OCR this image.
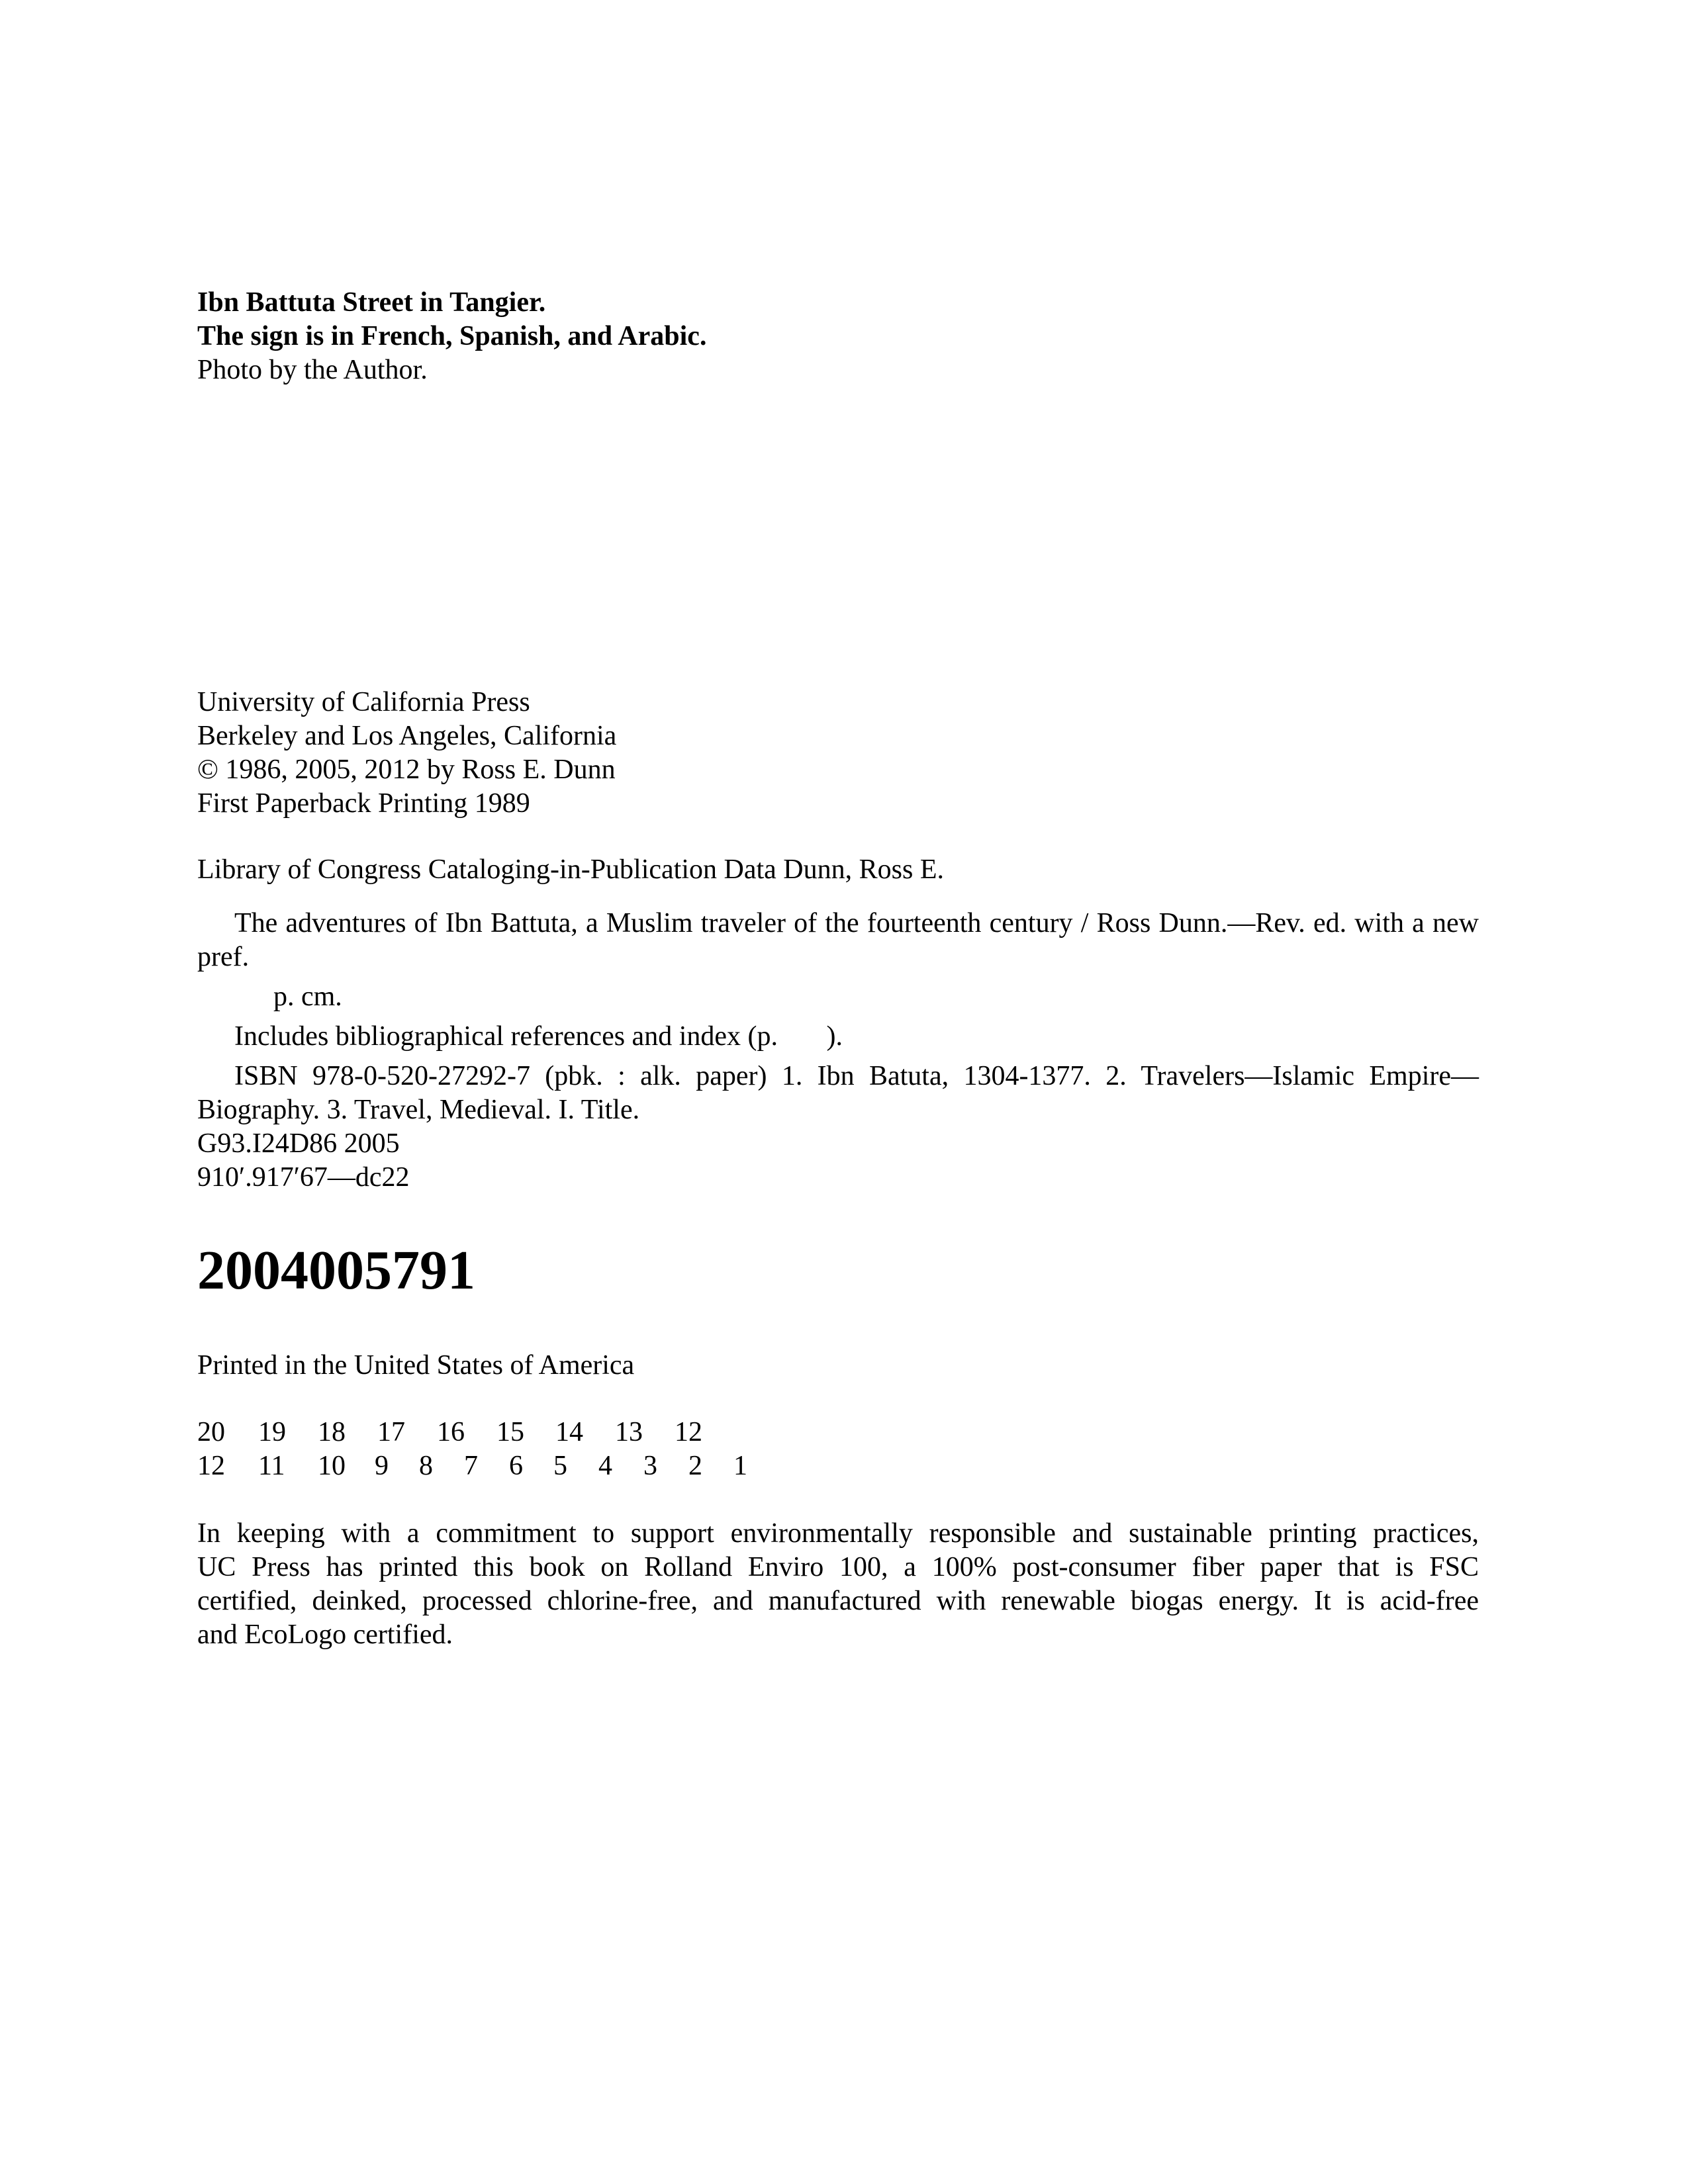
Ibn Battuta Street in Tangier.
The sign is in French, Spanish, and Arabic.
Photo by the Author.
University of California Press
Berkeley and Los Angeles, California
© 1986, 2005, 2012 by Ross E. Dunn
First Paperback Printing 1989
Library of Congress Cataloging-in-Publication Data Dunn, Ross E.
The adventures of Ibn Battuta, a Muslim traveler of the fourteenth century / Ross Dunn.—Rev. ed. with a new pref.
p. cm.
Includes bibliographical references and index (p.       ).
ISBN 978-0-520-27292-7 (pbk. : alk. paper) 1. Ibn Batuta, 1304-1377. 2. Travelers—Islamic Empire—Biography. 3. Travel, Medieval. I. Title.
G93.I24D86 2005
910′.917′67—dc22
2004005791
Printed in the United States of America
20 19 18 17 16 15 14 13 12
12 11 10 9 8 7 6 5 4 3 2 1
In keeping with a commitment to support environmentally responsible and sustainable printing practices,
UC Press has printed this book on Rolland Enviro 100, a 100% post-consumer fiber paper that is FSC
certified, deinked, processed chlorine-free, and manufactured with renewable biogas energy. It is acid-free
and EcoLogo certified.
